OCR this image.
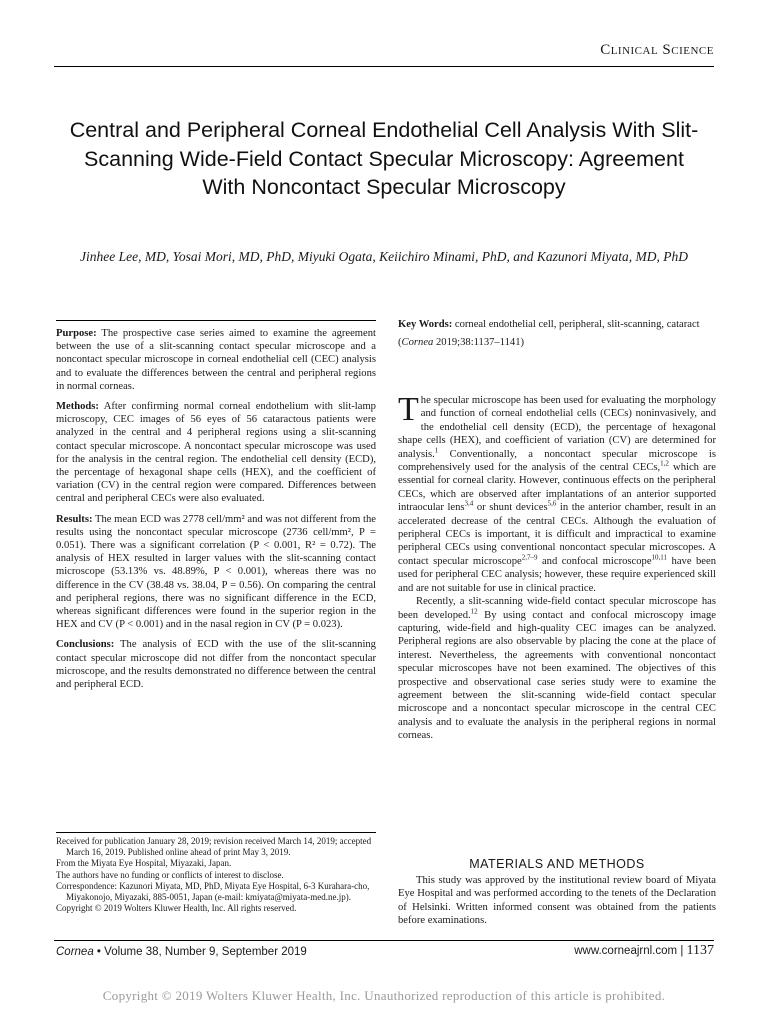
Clinical Science
Central and Peripheral Corneal Endothelial Cell Analysis With Slit-Scanning Wide-Field Contact Specular Microscopy: Agreement With Noncontact Specular Microscopy
Jinhee Lee, MD, Yosai Mori, MD, PhD, Miyuki Ogata, Keiichiro Minami, PhD, and Kazunori Miyata, MD, PhD

Purpose: The prospective case series aimed to examine the agreement between the use of a slit-scanning contact specular microscope and a noncontact specular microscope in corneal endothelial cell (CEC) analysis and to evaluate the differences between the central and peripheral regions in normal corneas.

Methods: After confirming normal corneal endothelium with slit-lamp microscopy, CEC images of 56 eyes of 56 cataractous patients were analyzed in the central and 4 peripheral regions using a slit-scanning contact specular microscope. A noncontact specular microscope was used for the analysis in the central region. The endothelial cell density (ECD), the percentage of hexagonal shape cells (HEX), and the coefficient of variation (CV) in the central region were compared. Differences between central and peripheral CECs were also evaluated.

Results: The mean ECD was 2778 cell/mm² and was not different from the results using the noncontact specular microscope (2736 cell/mm², P = 0.051). There was a significant correlation (P < 0.001, R² = 0.72). The analysis of HEX resulted in larger values with the slit-scanning contact microscope (53.13% vs. 48.89%, P < 0.001), whereas there was no difference in the CV (38.48 vs. 38.04, P = 0.56). On comparing the central and peripheral regions, there was no significant difference in the ECD, whereas significant differences were found in the superior region in the HEX and CV (P < 0.001) and in the nasal region in CV (P = 0.023).

Conclusions: The analysis of ECD with the use of the slit-scanning contact specular microscope did not differ from the noncontact specular microscope, and the results demonstrated no difference between the central and peripheral ECD.

Key Words: corneal endothelial cell, peripheral, slit-scanning, cataract

(Cornea 2019;38:1137–1141)

The specular microscope has been used for evaluating the morphology and function of corneal endothelial cells (CECs) noninvasively, and the endothelial cell density (ECD), the percentage of hexagonal shape cells (HEX), and coefficient of variation (CV) are determined for analysis.$^1$ Conventionally, a noncontact specular microscope is comprehensively used for the analysis of the central CECs,$^{1,2}$ which are essential for corneal clarity. However, continuous effects on the peripheral CECs, which are observed after implantations of an anterior supported intraocular lens$^{3,4}$ or shunt devices$^{5,6}$ in the anterior chamber, result in an accelerated decrease of the central CECs. Although the evaluation of peripheral CECs is important, it is difficult and impractical to examine peripheral CECs using conventional noncontact specular microscopes. A contact specular microscope$^{2,7-9}$ and confocal microscope$^{10,11}$ have been used for peripheral CEC analysis; however, these require experienced skill and are not suitable for use in clinical practice.

Recently, a slit-scanning wide-field contact specular microscope has been developed.$^{12}$ By using contact and confocal microscopy image capturing, wide-field and high-quality CEC images can be analyzed. Peripheral regions are also observable by placing the cone at the place of interest. Nevertheless, the agreements with conventional noncontact specular microscopes have not been examined. The objectives of this prospective and observational case series study were to examine the agreement between the slit-scanning wide-field contact specular microscope and a noncontact specular microscope in the central CEC analysis and to evaluate the analysis in the peripheral regions in normal corneas.

MATERIALS AND METHODS

This study was approved by the institutional review board of Miyata Eye Hospital and was performed according to the tenets of the Declaration of Helsinki. Written informed consent was obtained from the patients before examinations.

Received for publication January 28, 2019; revision received March 14, 2019; accepted March 16, 2019. Published online ahead of print May 3, 2019.

From the Miyata Eye Hospital, Miyazaki, Japan.

The authors have no funding or conflicts of interest to disclose.

Correspondence: Kazunori Miyata, MD, PhD, Miyata Eye Hospital, 6-3 Kurahara-cho, Miyakonojo, Miyazaki, 885-0051, Japan (e-mail: kmiyata@miyata-med.ne.jp).

Copyright © 2019 Wolters Kluwer Health, Inc. All rights reserved.

Cornea • Volume 38, Number 9, September 2019	www.corneajrnl.com | 1137
Copyright © 2019 Wolters Kluwer Health, Inc. Unauthorized reproduction of this article is prohibited.
